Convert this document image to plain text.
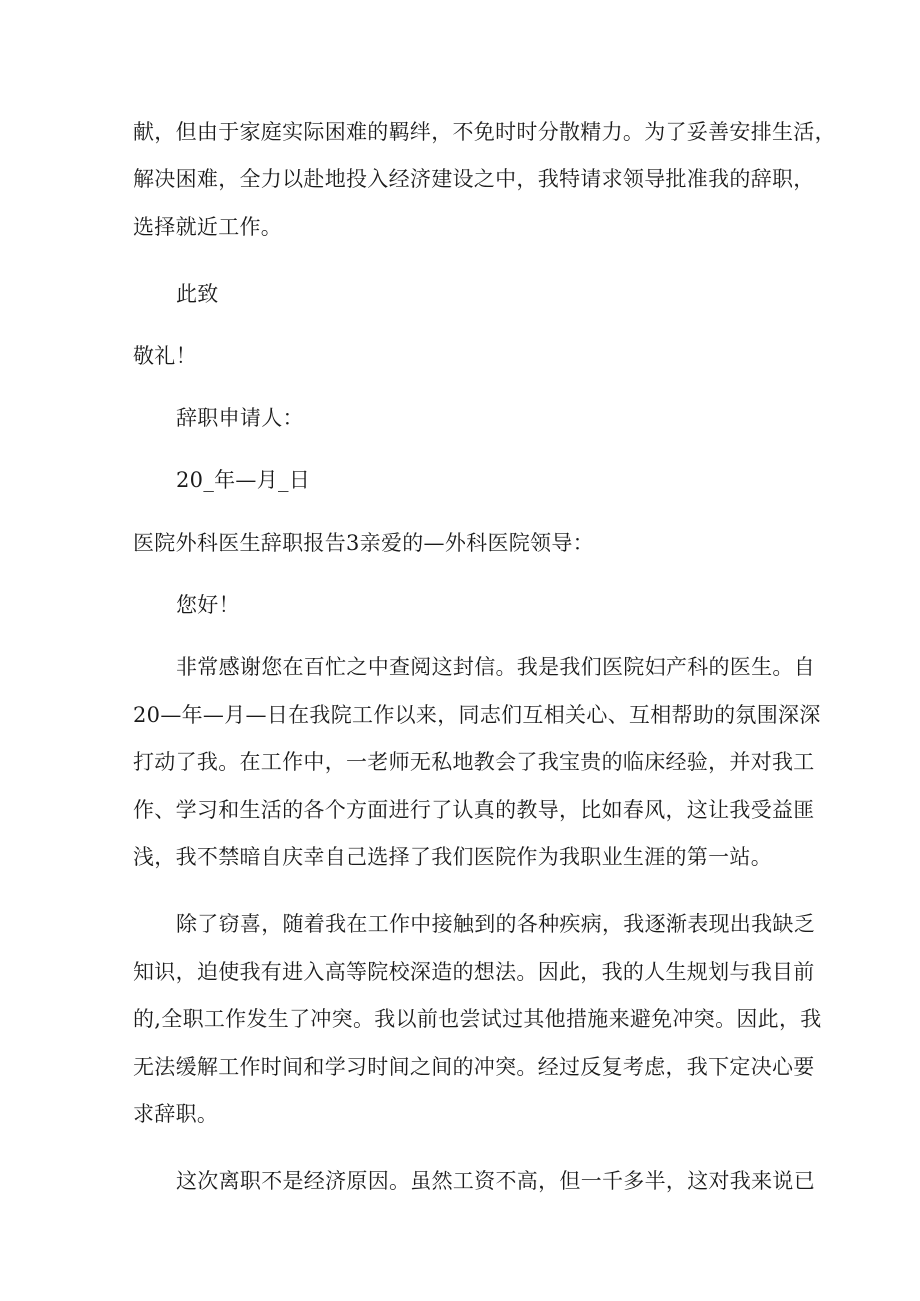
献，但由于家庭实际困难的羁绊，不免时时分散精力。为了妥善安排生活，
解决困难，全力以赴地投入经济建设之中，我特请求领导批准我的辞职，
选择就近工作。
此致
敬礼！
辞职申请人：
20_年—月_日
医院外科医生辞职报告3亲爱的—外科医院领导：
您好！
非常感谢您在百忙之中查阅这封信。我是我们医院妇产科的医生。自
20—年—月—日在我院工作以来，同志们互相关心、互相帮助的氛围深深
打动了我。在工作中，一老师无私地教会了我宝贵的临床经验，并对我工
作、学习和生活的各个方面进行了认真的教导，比如春风，这让我受益匪
浅，我不禁暗自庆幸自己选择了我们医院作为我职业生涯的第一站。
除了窃喜，随着我在工作中接触到的各种疾病，我逐渐表现出我缺乏
知识，迫使我有进入高等院校深造的想法。因此，我的人生规划与我目前
的,全职工作发生了冲突。我以前也尝试过其他措施来避免冲突。因此，我
无法缓解工作时间和学习时间之间的冲突。经过反复考虑，我下定决心要
求辞职。
这次离职不是经济原因。虽然工资不高，但一千多半，这对我来说已
